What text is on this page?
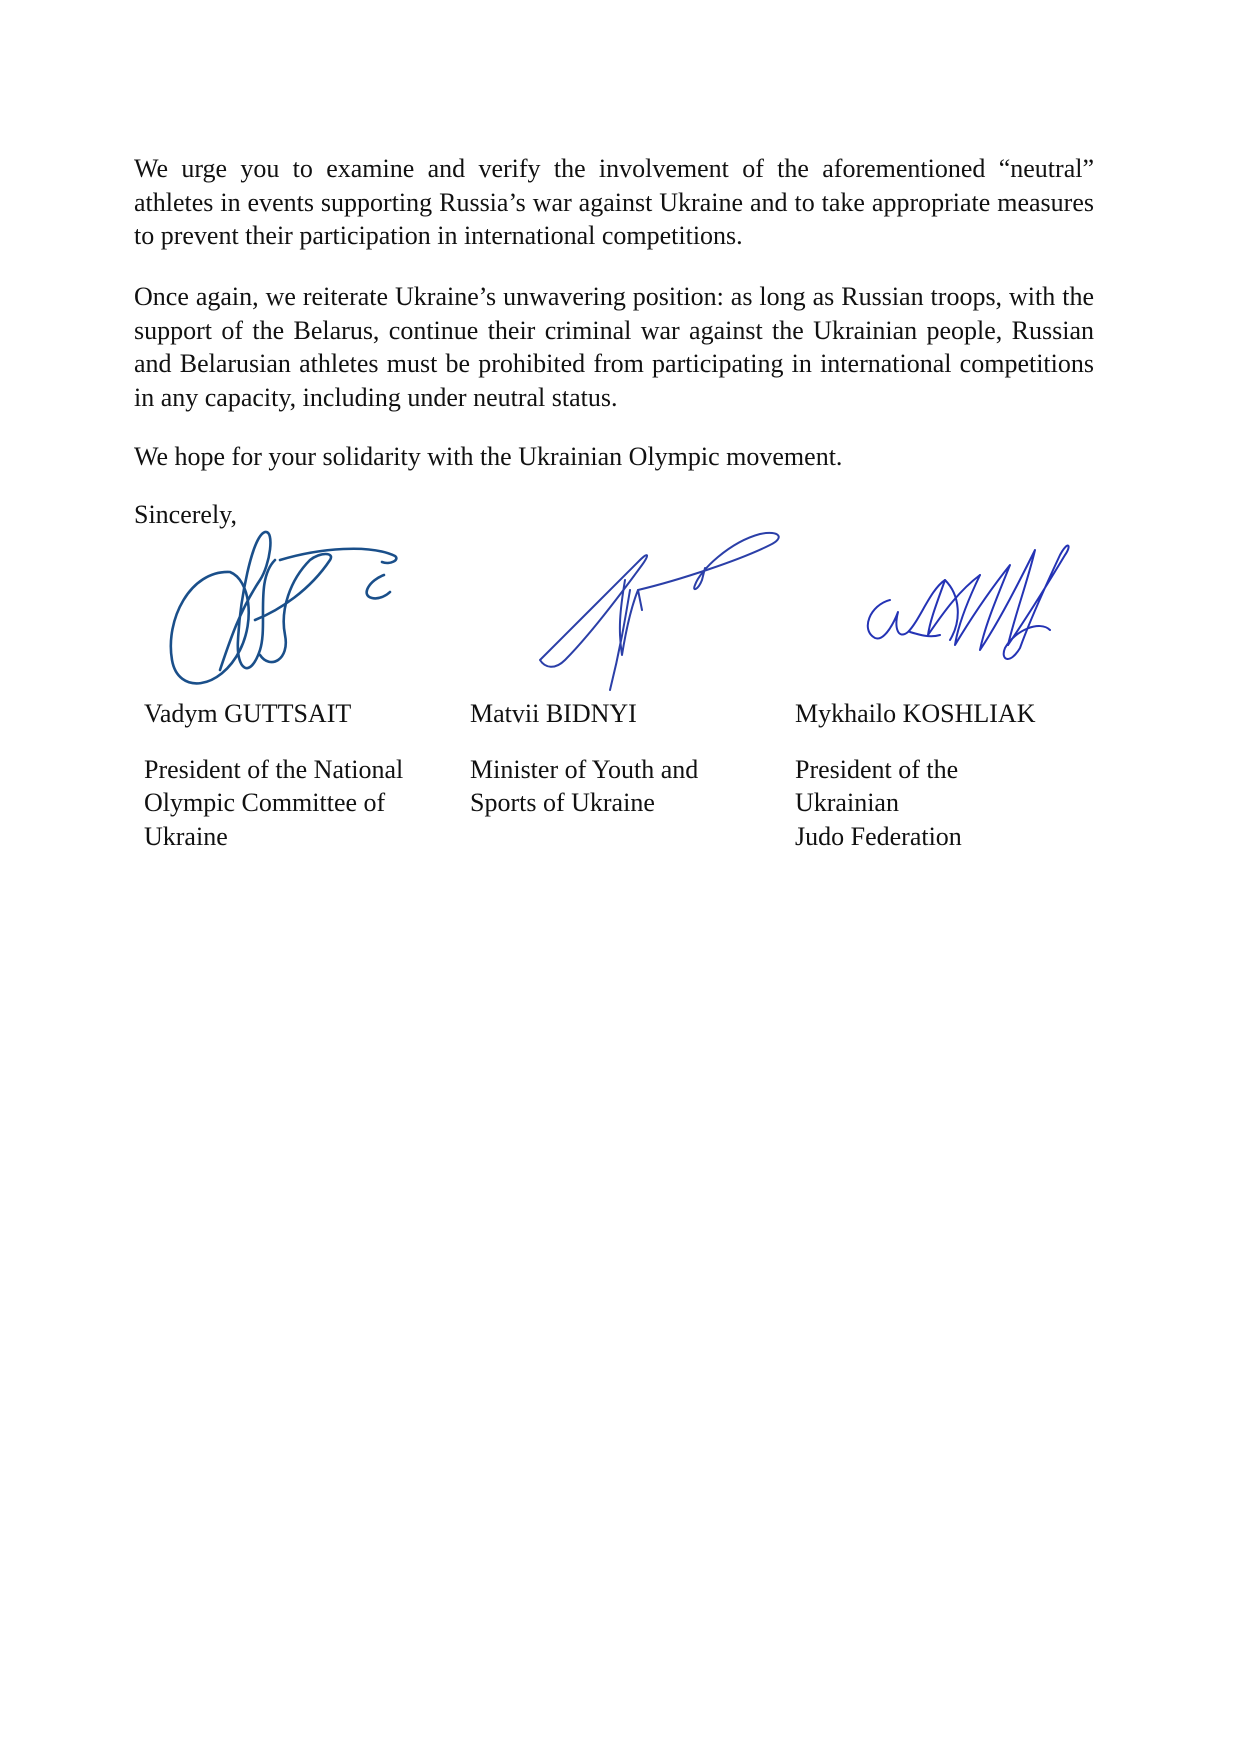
We urge you to examine and verify the involvement of the aforementioned “neutral” athletes in events supporting Russia’s war against Ukraine and to take appropriate measures to prevent their participation in international competitions.

Once again, we reiterate Ukraine’s unwavering position: as long as Russian troops, with the support of the Belarus, continue their criminal war against the Ukrainian people, Russian and Belarusian athletes must be prohibited from participating in international competitions in any capacity, including under neutral status.

We hope for your solidarity with the Ukrainian Olympic movement.

Sincerely,

Vadym GUTTSAIT

President of the National

Olympic Committee of

Ukraine

Matvii BIDNYI

Minister of Youth and

Sports of Ukraine

Mykhailo KOSHLIAK

President of the

Ukrainian

Judo Federation
